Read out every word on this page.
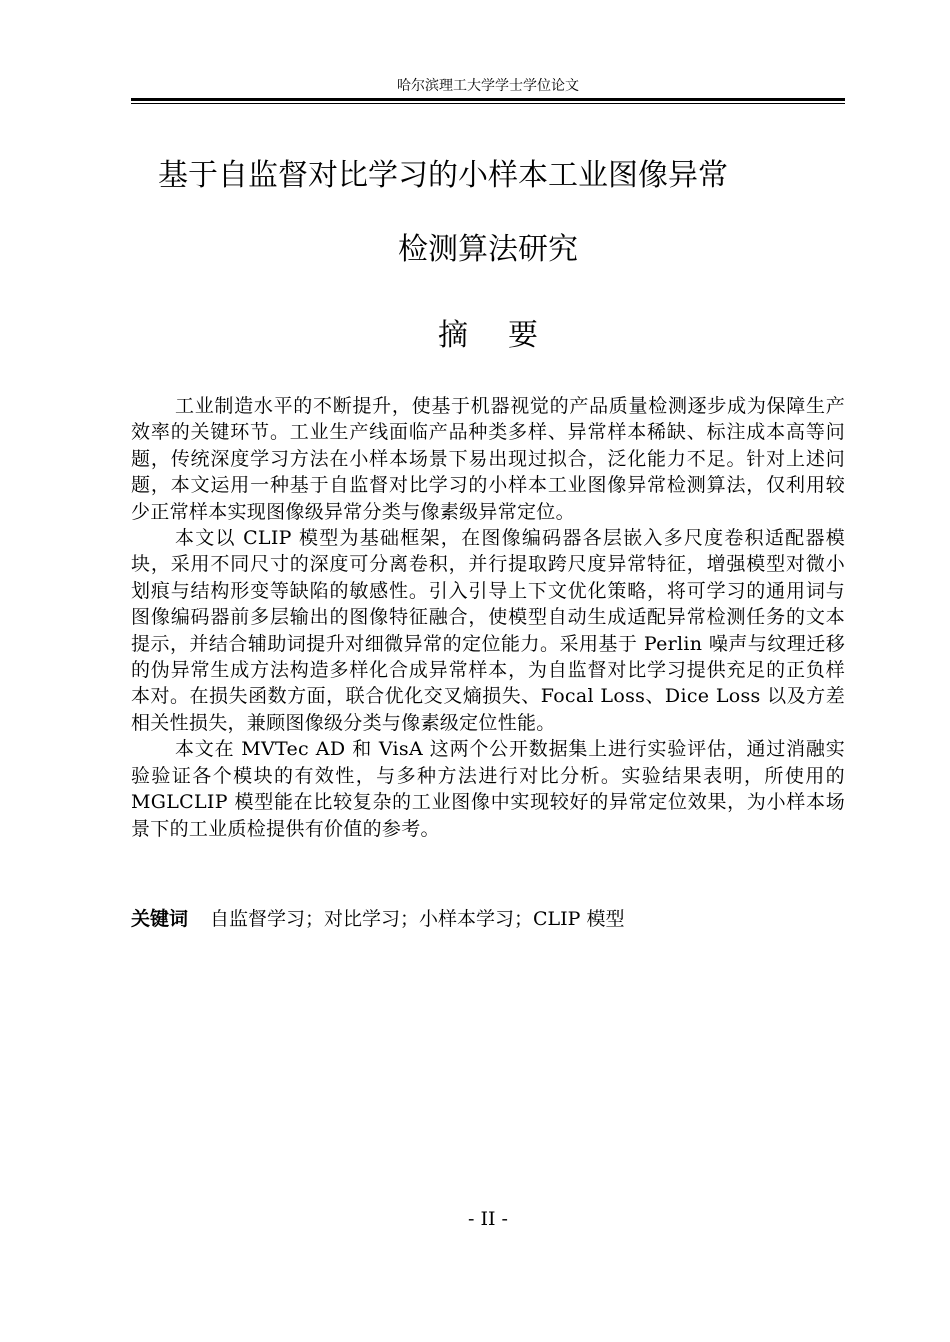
哈尔滨理工大学学士学位论文
基于自监督对比学习的小样本工业图像异常
检测算法研究
摘要

工业制造水平的不断提升，使基于机器视觉的产品质量检测逐步成为保障生产效率的关键环节。工业生产线面临产品种类多样、异常样本稀缺、标注成本高等问题，传统深度学习方法在小样本场景下易出现过拟合，泛化能力不足。针对上述问题，本文运用一种基于自监督对比学习的小样本工业图像异常检测算法，仅利用较少正常样本实现图像级异常分类与像素级异常定位。

本文以 CLIP 模型为基础框架，在图像编码器各层嵌入多尺度卷积适配器模块，采用不同尺寸的深度可分离卷积，并行提取跨尺度异常特征，增强模型对微小划痕与结构形变等缺陷的敏感性。引入引导上下文优化策略，将可学习的通用词与图像编码器前多层输出的图像特征融合，使模型自动生成适配异常检测任务的文本提示，并结合辅助词提升对细微异常的定位能力。采用基于 Perlin 噪声与纹理迁移的伪异常生成方法构造多样化合成异常样本，为自监督对比学习提供充足的正负样本对。在损失函数方面，联合优化交叉熵损失、Focal Loss、Dice Loss 以及方差相关性损失，兼顾图像级分类与像素级定位性能。

本文在 MVTec AD 和 VisA 这两个公开数据集上进行实验评估，通过消融实验验证各个模块的有效性，与多种方法进行对比分析。实验结果表明，所使用的 MGLCLIP 模型能在比较复杂的工业图像中实现较好的异常定位效果，为小样本场景下的工业质检提供有价值的参考。

关键词 自监督学习；对比学习；小样本学习；CLIP 模型
- II -
